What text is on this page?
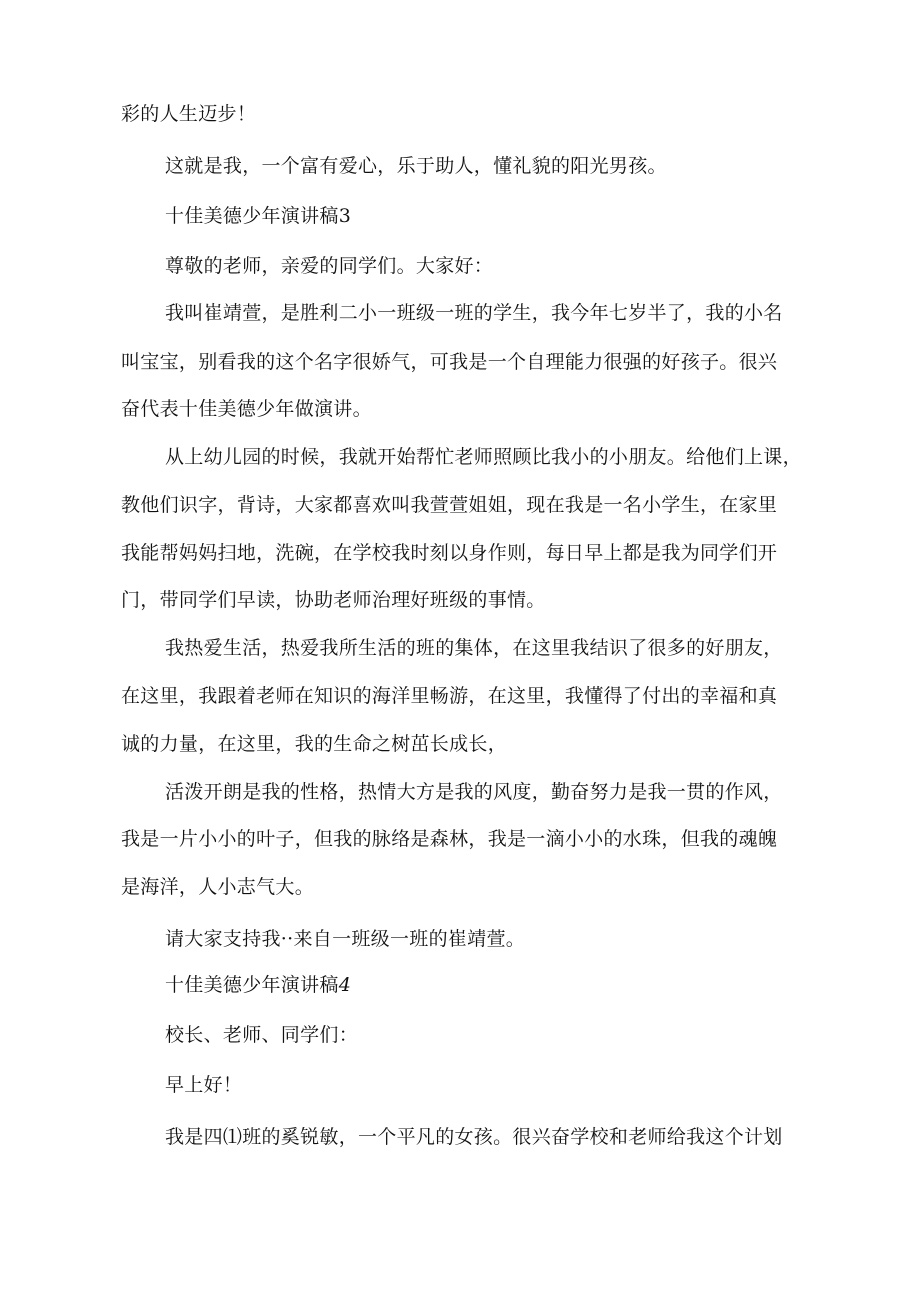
彩的人生迈步！
这就是我，一个富有爱心，乐于助人，懂礼貌的阳光男孩。
十佳美德少年演讲稿3
尊敬的老师，亲爱的同学们。大家好：
我叫崔靖萱，是胜利二小一班级一班的学生，我今年七岁半了，我的小名
叫宝宝，别看我的这个名字很娇气，可我是一个自理能力很强的好孩子。很兴
奋代表十佳美德少年做演讲。
从上幼儿园的时候，我就开始帮忙老师照顾比我小的小朋友。给他们上课，
教他们识字，背诗，大家都喜欢叫我萱萱姐姐，现在我是一名小学生，在家里
我能帮妈妈扫地，洗碗，在学校我时刻以身作则，每日早上都是我为同学们开
门，带同学们早读，协助老师治理好班级的事情。
我热爱生活，热爱我所生活的班的集体，在这里我结识了很多的好朋友，
在这里，我跟着老师在知识的海洋里畅游，在这里，我懂得了付出的幸福和真
诚的力量，在这里，我的生命之树茁长成长，
活泼开朗是我的性格，热情大方是我的风度，勤奋努力是我一贯的作风，
我是一片小小的叶子，但我的脉络是森林，我是一滴小小的水珠，但我的魂魄
是海洋，人小志气大。
请大家支持我··来自一班级一班的崔靖萱。
十佳美德少年演讲稿4
校长、老师、同学们：
早上好！
我是四⑴班的奚锐敏，一个平凡的女孩。很兴奋学校和老师给我这个计划
